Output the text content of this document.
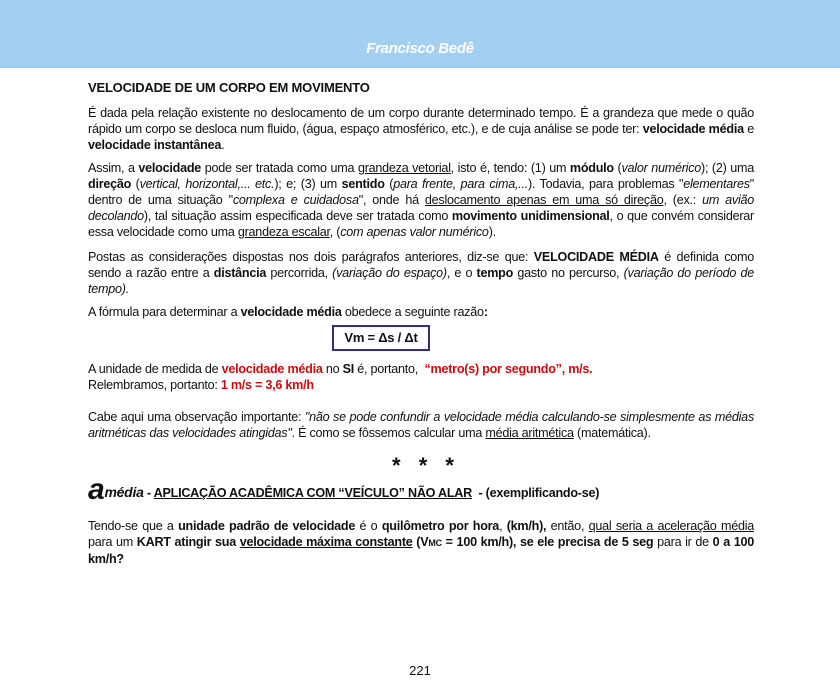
Francisco Bedê
VELOCIDADE DE UM CORPO EM MOVIMENTO

É dada pela relação existente no deslocamento de um corpo durante determinado tempo. É a grandeza que mede o quão rápido um corpo se desloca num fluido, (água, espaço atmosférico, etc.), e de cuja análise se pode ter: velocidade média e velocidade instantânea.

Assim, a velocidade pode ser tratada como uma grandeza vetorial, isto é, tendo: (1) um módulo (valor numérico); (2) uma direção (vertical, horizontal,... etc.); e; (3) um sentido (para frente, para cima,...). Todavia, para problemas "elementares" dentro de uma situação "complexa e cuidadosa", onde há deslocamento apenas em uma só direção, (ex.: um avião decolando), tal situação assim especificada deve ser tratada como movimento unidimensional, o que convém considerar essa velocidade como uma grandeza escalar, (com apenas valor numérico).

Postas as considerações dispostas nos dois parágrafos anteriores, diz-se que: VELOCIDADE MÉDIA é definida como sendo a razão entre a distância percorrida, (variação do espaço), e o tempo gasto no percurso, (variação do período de tempo).

A fórmula para determinar a velocidade média obedece a seguinte razão:

Vm = Δs / Δt

A unidade de medida de velocidade média no SI é, portanto,  “metro(s) por segundo”, m/s.

Relembramos, portanto: 1 m/s = 3,6 km/h

Cabe aqui uma observação importante: "não se pode confundir a velocidade média calculando-se simplesmente as médias aritméticas das velocidades atingidas". É como se fôssemos calcular uma média aritmética (matemática).

* * *
amédia - APLICAÇÃO ACADÊMICA COM “VEÍCULO” NÃO ALAR  - (exemplificando-se)

Tendo-se que a unidade padrão de velocidade é o quilômetro por hora, (km/h), então, qual seria a aceleração média para um KART atingir sua velocidade máxima constante (VMC = 100 km/h), se ele precisa de 5 seg para ir de 0 a 100 km/h?

221
